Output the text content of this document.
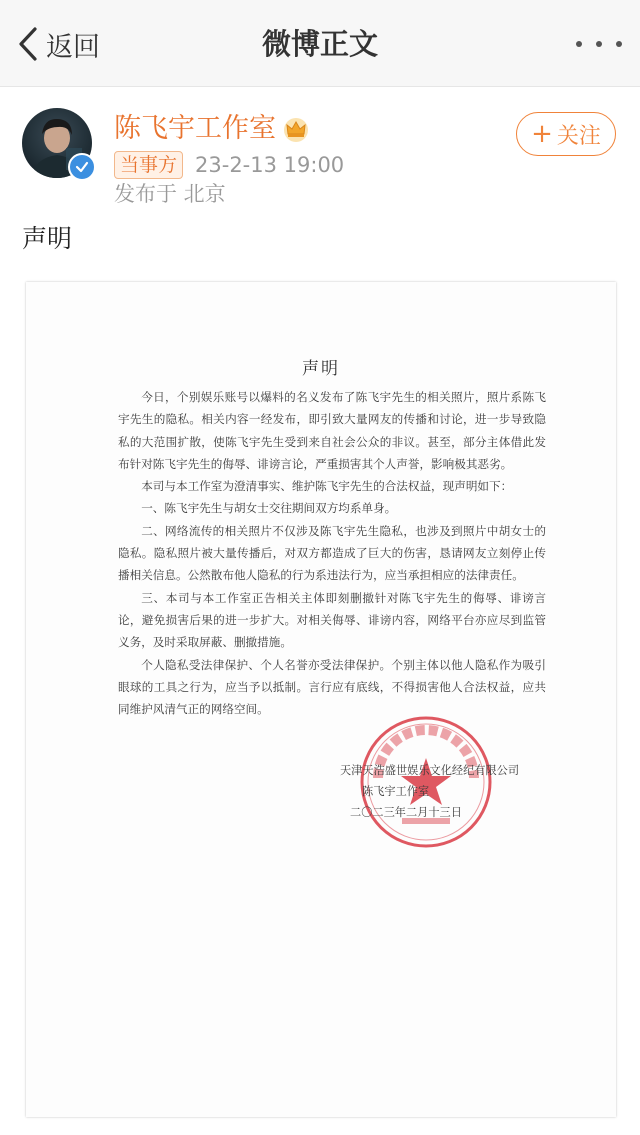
返回	微博正文
陈飞宇工作室
当事方 23-2-13 19:00
发布于 北京
+ 关注
声明
声明

今日，个别娱乐账号以爆料的名义发布了陈飞宇先生的相关照片，照片系陈飞宇先生的隐私。相关内容一经发布，即引致大量网友的传播和讨论，进一步导致隐私的大范围扩散，使陈飞宇先生受到来自社会公众的非议。甚至，部分主体借此发布针对陈飞宇先生的侮辱、诽谤言论，严重损害其个人声誉，影响极其恶劣。

本司与本工作室为澄清事实、维护陈飞宇先生的合法权益，现声明如下：

一、陈飞宇先生与胡女士交往期间双方均系单身。

二、网络流传的相关照片不仅涉及陈飞宇先生隐私，也涉及到照片中胡女士的隐私。隐私照片被大量传播后，对双方都造成了巨大的伤害，恳请网友立刻停止传播相关信息。公然散布他人隐私的行为系违法行为，应当承担相应的法律责任。

三、本司与本工作室正告相关主体即刻删撤针对陈飞宇先生的侮辱、诽谤言论，避免损害后果的进一步扩大。对相关侮辱、诽谤内容，网络平台亦应尽到监管义务，及时采取屏蔽、删撤措施。

个人隐私受法律保护、个人名誉亦受法律保护。个别主体以他人隐私作为吸引眼球的工具之行为，应当予以抵制。言行应有底线，不得损害他人合法权益，应共同维护风清气正的网络空间。

天津天浩盛世娱乐文化经纪有限公司
陈飞宇工作室
二〇二三年二月十三日
